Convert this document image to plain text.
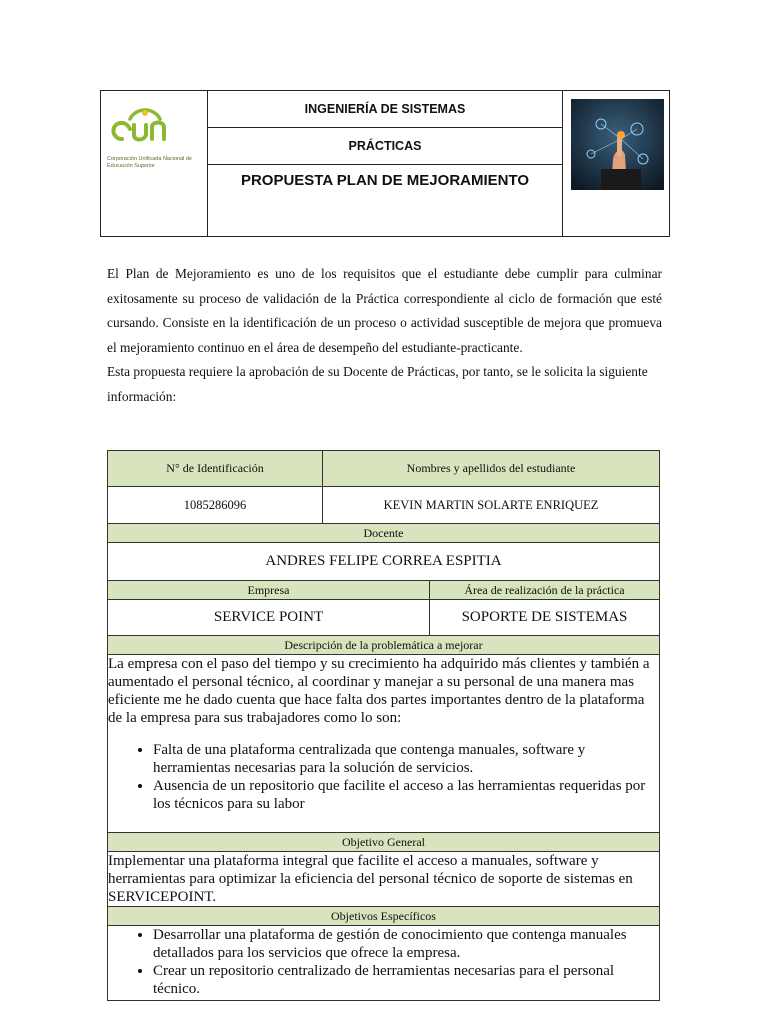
Corporación Unificada Nacional de Educación Superior
INGENIERÍA DE SISTEMAS
PRÁCTICAS
PROPUESTA PLAN DE MEJORAMIENTO

El Plan de Mejoramiento es uno de los requisitos que el estudiante debe cumplir para culminar exitosamente su proceso de validación de la Práctica correspondiente al ciclo de formación que esté cursando. Consiste en la identificación de un proceso o actividad susceptible de mejora que promueva el mejoramiento continuo en el área de desempeño del estudiante-practicante.

Esta propuesta requiere la aprobación de su Docente de Prácticas, por tanto, se le solicita la siguiente información:

N° de Identificación	Nombres y apellidos del estudiante
1085286096	KEVIN MARTIN SOLARTE ENRIQUEZ
Docente
ANDRES FELIPE CORREA ESPITIA
Empresa	Área de realización de la práctica
SERVICE POINT	SOPORTE DE SISTEMAS
Descripción de la problemática a mejorar
La empresa con el paso del tiempo y su crecimiento ha adquirido más clientes y también a aumentado el personal técnico, al coordinar y manejar a su personal de una manera mas eficiente me he dado cuenta que hace falta dos partes importantes dentro de la plataforma de la empresa para sus trabajadores como lo son:
• Falta de una plataforma centralizada que contenga manuales, software y herramientas necesarias para la solución de servicios.
• Ausencia de un repositorio que facilite el acceso a las herramientas requeridas por los técnicos para su labor
Objetivo General
Implementar una plataforma integral que facilite el acceso a manuales, software y herramientas para optimizar la eficiencia del personal técnico de soporte de sistemas en SERVICEPOINT.
Objetivos Específicos
• Desarrollar una plataforma de gestión de conocimiento que contenga manuales detallados para los servicios que ofrece la empresa.
• Crear un repositorio centralizado de herramientas necesarias para el personal técnico.
